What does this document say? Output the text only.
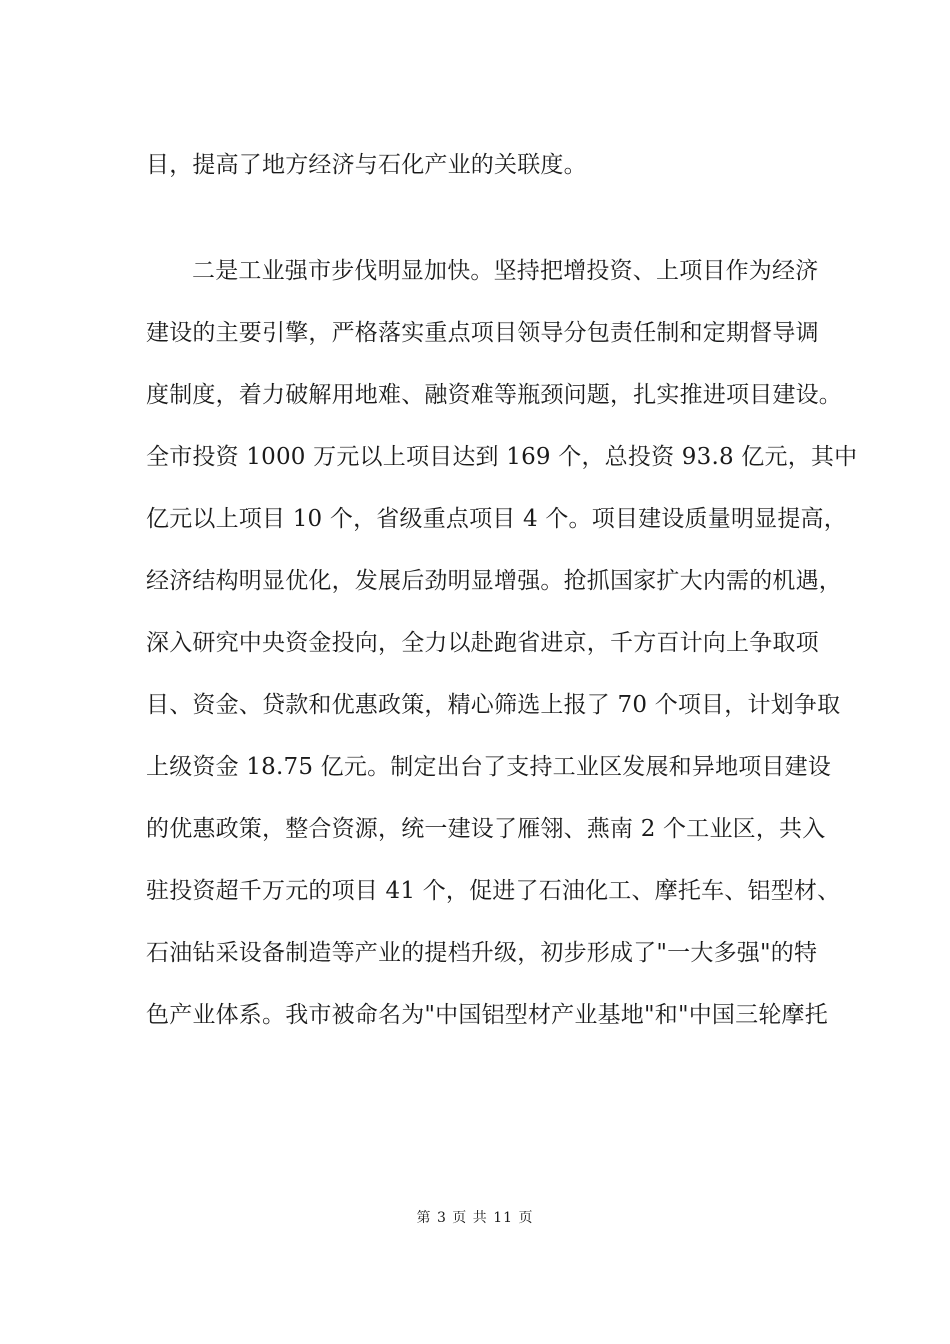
目，提高了地方经济与石化产业的关联度。
二是工业强市步伐明显加快。坚持把增投资、上项目作为经济
建设的主要引擎，严格落实重点项目领导分包责任制和定期督导调
度制度，着力破解用地难、融资难等瓶颈问题，扎实推进项目建设。
全市投资 1000 万元以上项目达到 169 个，总投资 93.8 亿元，其中
亿元以上项目 10 个，省级重点项目 4 个。项目建设质量明显提高，
经济结构明显优化，发展后劲明显增强。抢抓国家扩大内需的机遇，
深入研究中央资金投向，全力以赴跑省进京，千方百计向上争取项
目、资金、贷款和优惠政策，精心筛选上报了 70 个项目，计划争取
上级资金 18.75 亿元。制定出台了支持工业区发展和异地项目建设
的优惠政策，整合资源，统一建设了雁翎、燕南 2 个工业区，共入
驻投资超千万元的项目 41 个，促进了石油化工、摩托车、铝型材、
石油钻采设备制造等产业的提档升级，初步形成了"一大多强"的特
色产业体系。我市被命名为"中国铝型材产业基地"和"中国三轮摩托
第 3 页 共 11 页
